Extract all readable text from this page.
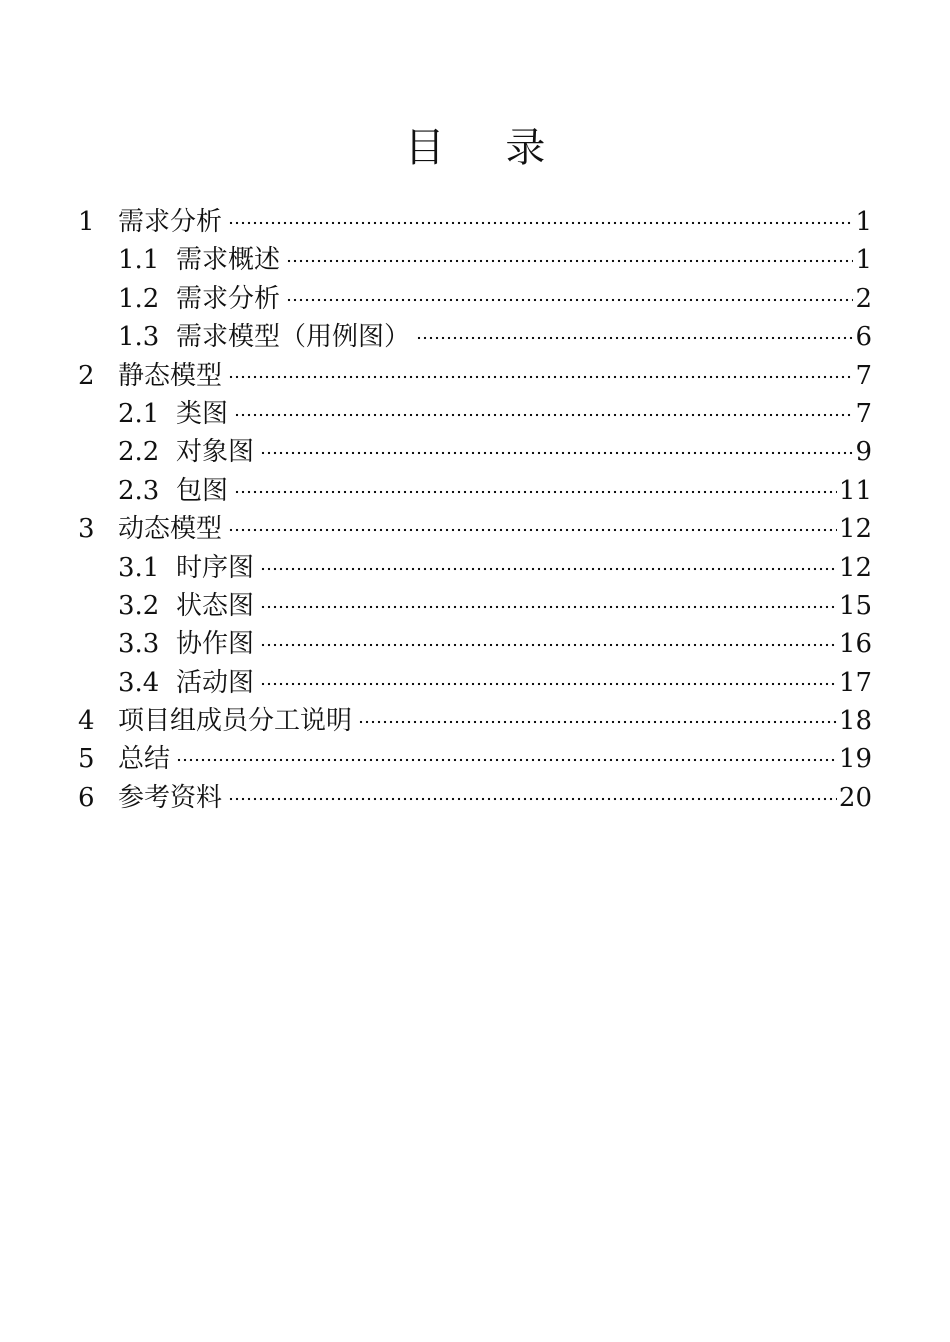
目 录
1 需求分析	1
1.1 需求概述	1
1.2 需求分析	2
1.3 需求模型（用例图）	6
2 静态模型	7
2.1 类图	7
2.2 对象图	9
2.3 包图	11
3 动态模型	12
3.1 时序图	12
3.2 状态图	15
3.3 协作图	16
3.4 活动图	17
4 项目组成员分工说明	18
5 总结	19
6 参考资料	20
